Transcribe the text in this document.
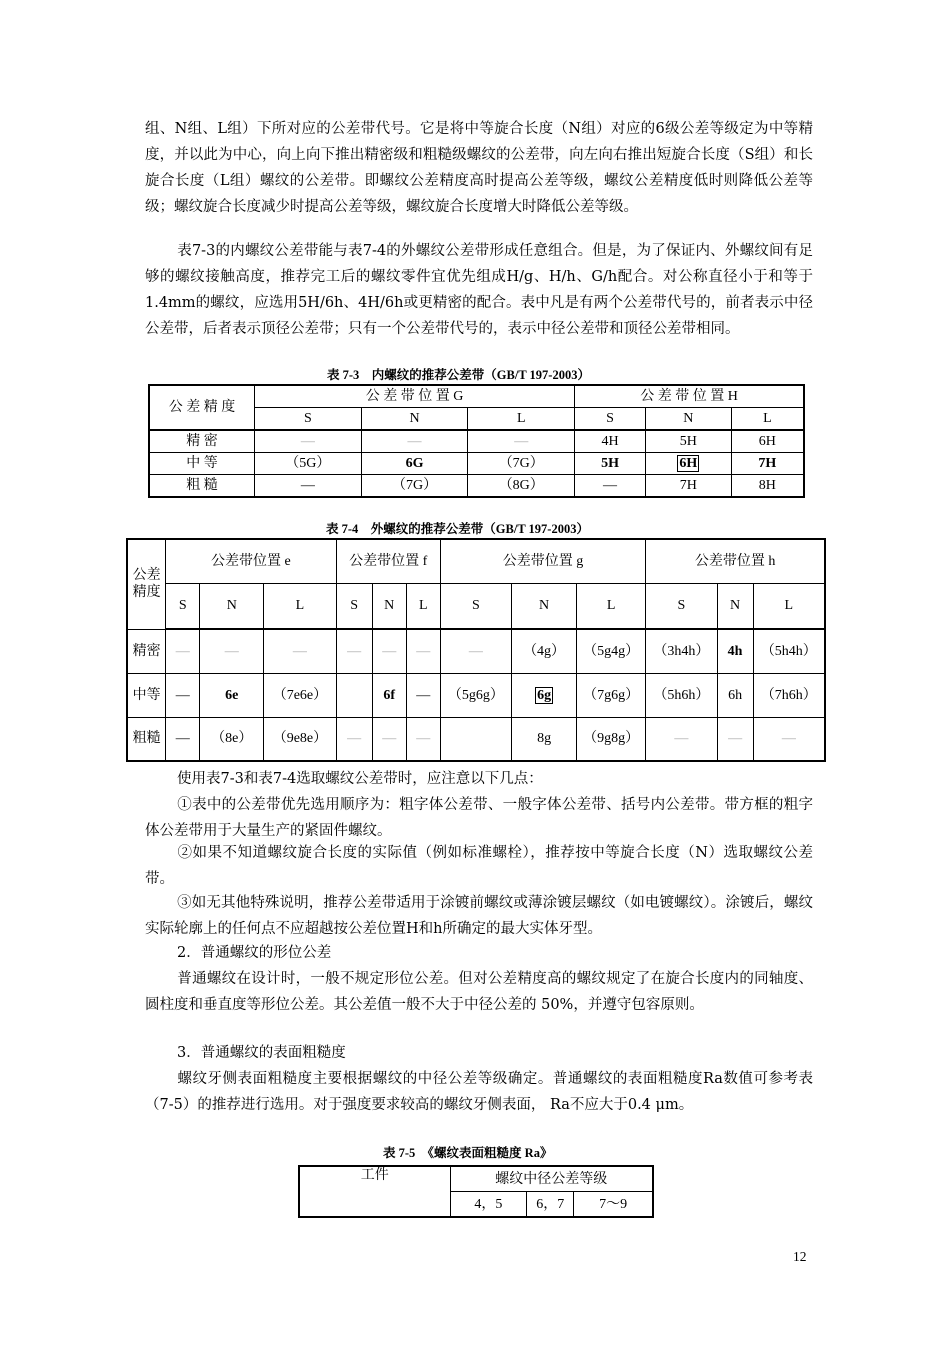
组、N组、L组）下所对应的公差带代号。它是将中等旋合长度（N组）对应的6级公差等级定为中等精度，并以此为中心，向上向下推出精密级和粗糙级螺纹的公差带，向左向右推出短旋合长度（S组）和长旋合长度（L组）螺纹的公差带。即螺纹公差精度高时提高公差等级，螺纹公差精度低时则降低公差等级；螺纹旋合长度减少时提高公差等级，螺纹旋合长度增大时降低公差等级。

表7-3的内螺纹公差带能与表7-4的外螺纹公差带形成任意组合。但是，为了保证内、外螺纹间有足够的螺纹接触高度，推荐完工后的螺纹零件宜优先组成H/g、H/h、G/h配合。对公称直径小于和等于1.4mm的螺纹，应选用5H/6h、4H/6h或更精密的配合。表中凡是有两个公差带代号的，前者表示中径公差带，后者表示顶径公差带；只有一个公差带代号的，表示中径公差带和顶径公差带相同。

表 7-3　内螺纹的推荐公差带（GB/T 197-2003）
公 差 精 度	公 差 带 位 置 G			公 差 带 位 置 H		
	S	N	L	S	N	L
精 密	—	—	—	4H	5H	6H
中 等	（5G）	6G	（7G）	5H	6H	7H
粗 糙	—	（7G）	（8G）	—	7H	8H
表 7-4　外螺纹的推荐公差带（GB/T 197-2003）
公差精度	公差带位置 e			公差带位置 f			公差带位置 g			公差带位置 h		
	S	N	L	S	N	L	S	N	L	S	N	L
精密	—	—	—	—	—	—	—	（4g）	（5g4g）	（3h4h）	4h	（5h4h）
中等	—	6e	（7e6e）		6f	—	（5g6g）	6g	（7g6g）	（5h6h）	6h	（7h6h）
粗糙	—	（8e）	（9e8e）	—	—	—		8g	（9g8g）	—	—	—

使用表7-3和表7-4选取螺纹公差带时，应注意以下几点：

①表中的公差带优先选用顺序为：粗字体公差带、一般字体公差带、括号内公差带。带方框的粗字体公差带用于大量生产的紧固件螺纹。

②如果不知道螺纹旋合长度的实际值（例如标准螺栓），推荐按中等旋合长度（N）选取螺纹公差带。

③如无其他特殊说明，推荐公差带适用于涂镀前螺纹或薄涂镀层螺纹（如电镀螺纹）。涂镀后，螺纹实际轮廓上的任何点不应超越按公差位置H和h所确定的最大实体牙型。

2．普通螺纹的形位公差

普通螺纹在设计时，一般不规定形位公差。但对公差精度高的螺纹规定了在旋合长度内的同轴度、圆柱度和垂直度等形位公差。其公差值一般不大于中径公差的 50%，并遵守包容原则。

3．普通螺纹的表面粗糙度

螺纹牙侧表面粗糙度主要根据螺纹的中径公差等级确定。普通螺纹的表面粗糙度Ra数值可参考表（7-5）的推荐进行选用。对于强度要求较高的螺纹牙侧表面， Ra不应大于0.4 μm。

表 7-5　《螺纹表面粗糙度 Ra》
工件	螺纹中径公差等级		
	4，5	6，7	7～9
12
